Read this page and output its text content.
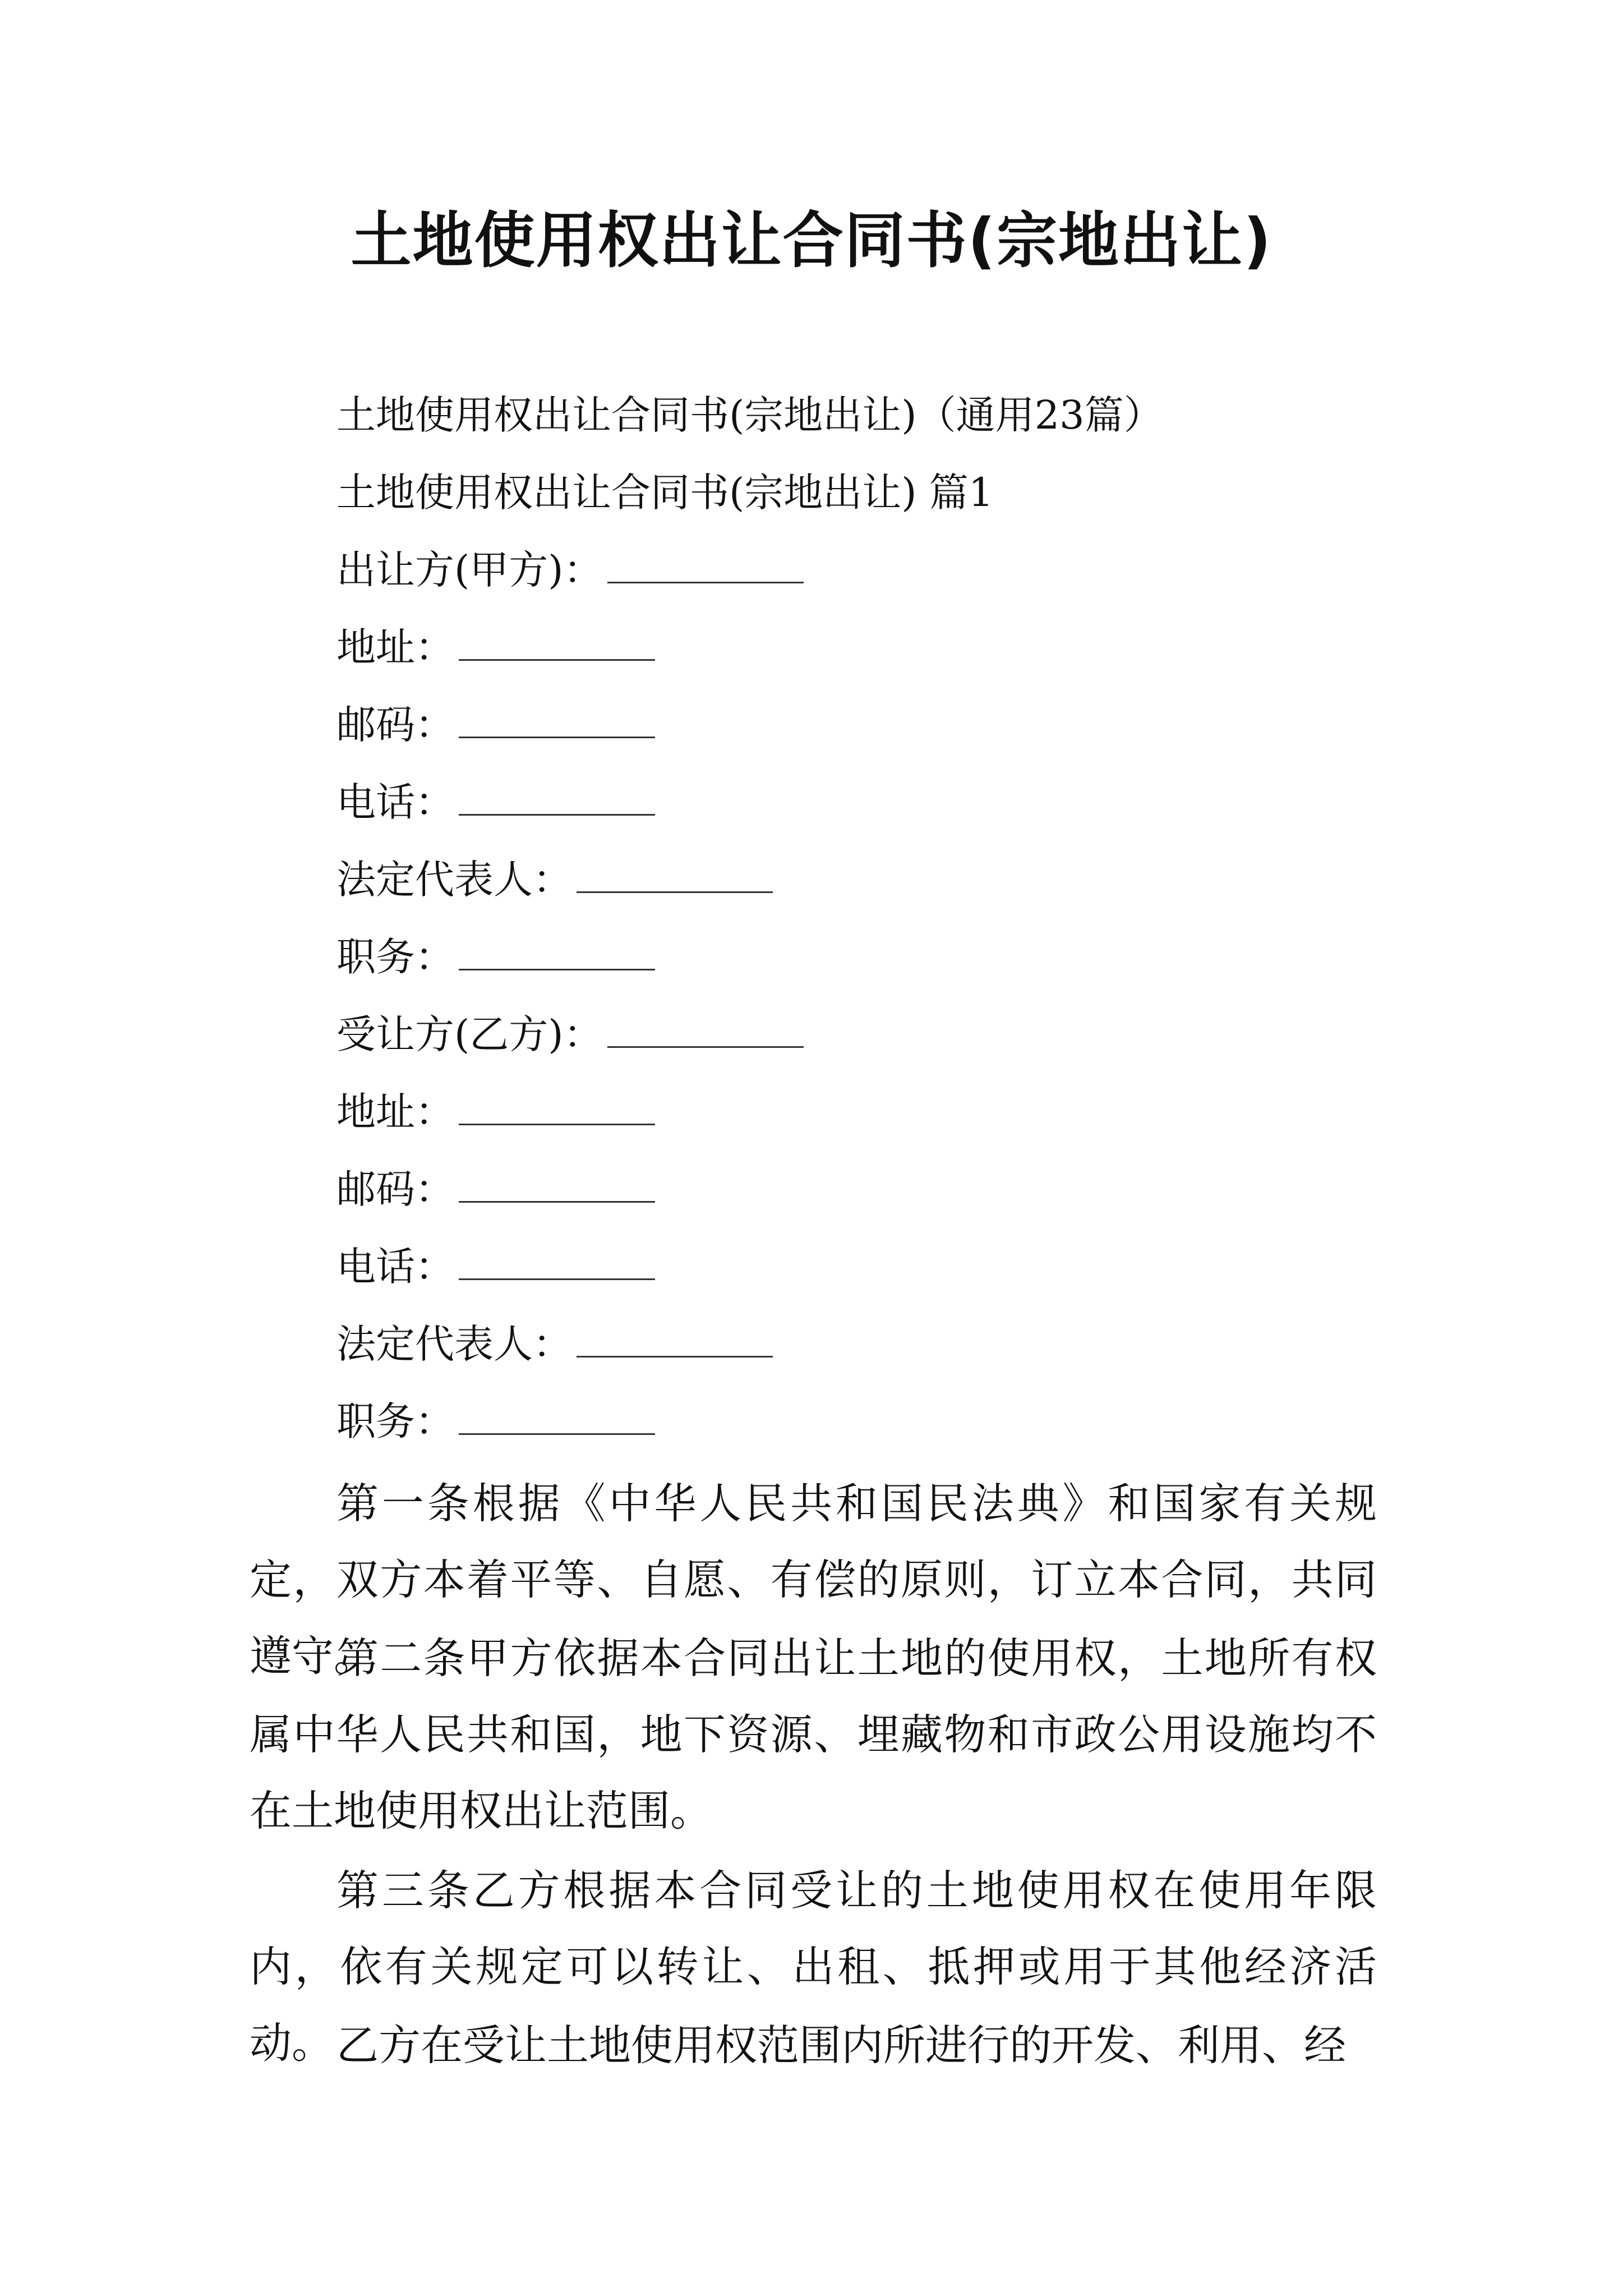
土地使用权出让合同书(宗地出让)
土地使用权出让合同书(宗地出让)（通用23篇）
土地使用权出让合同书(宗地出让) 篇1
出让方(甲方)：
地址：
邮码：
电话：
法定代表人：
职务：
受让方(乙方)：
地址：
邮码：
电话：
法定代表人：
职务：

第一条根据《中华人民共和国民法典》和国家有关规定，双方本着平等、自愿、有偿的原则，订立本合同，共同遵守。

第二条甲方依据本合同出让土地的使用权，土地所有权属中华人民共和国，地下资源、埋藏物和市政公用设施均不在土地使用权出让范围。

第三条乙方根据本合同受让的土地使用权在使用年限内，依有关规定可以转让、出租、抵押或用于其他经济活动。 乙方在受让土地使用权范围内所进行的开发、利用、经
